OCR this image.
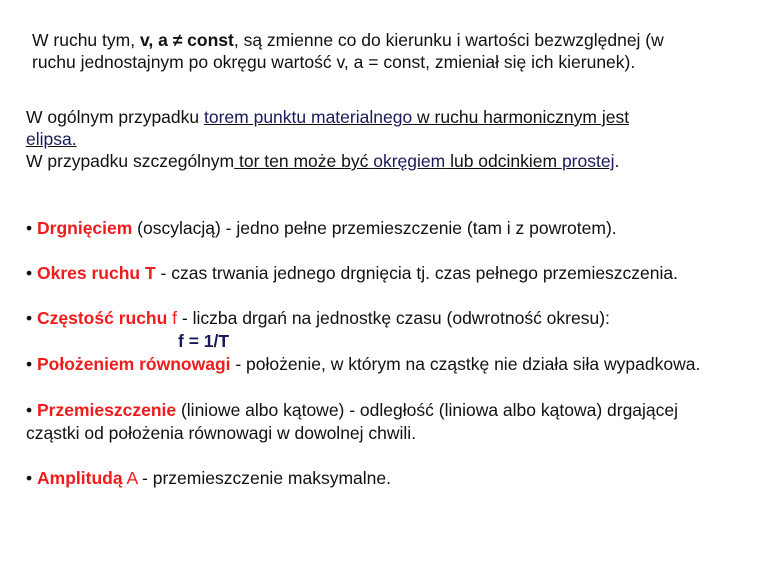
W ruchu tym, v, a ≠ const, są zmienne co do kierunku i wartości bezwzględnej (w
ruchu jednostajnym po okręgu wartość v, a = const, zmieniał się ich kierunek).
W ogólnym przypadku torem punktu materialnego w ruchu harmonicznym jest
elipsa.
W przypadku szczególnym tor ten może być okręgiem lub odcinkiem prostej.
• Drgnięciem (oscylacją) - jedno pełne przemieszczenie (tam i z powrotem).
• Okres ruchu T - czas trwania jednego drgnięcia tj. czas pełnego przemieszczenia.
• Częstość ruchu f - liczba drgań na jednostkę czasu (odwrotność okresu):
f = 1/T
• Położeniem równowagi - położenie, w którym na cząstkę nie działa siła wypadkowa.
• Przemieszczenie (liniowe albo kątowe) - odległość (liniowa albo kątowa) drgającej
cząstki od położenia równowagi w dowolnej chwili.
• Amplitudą A - przemieszczenie maksymalne.
